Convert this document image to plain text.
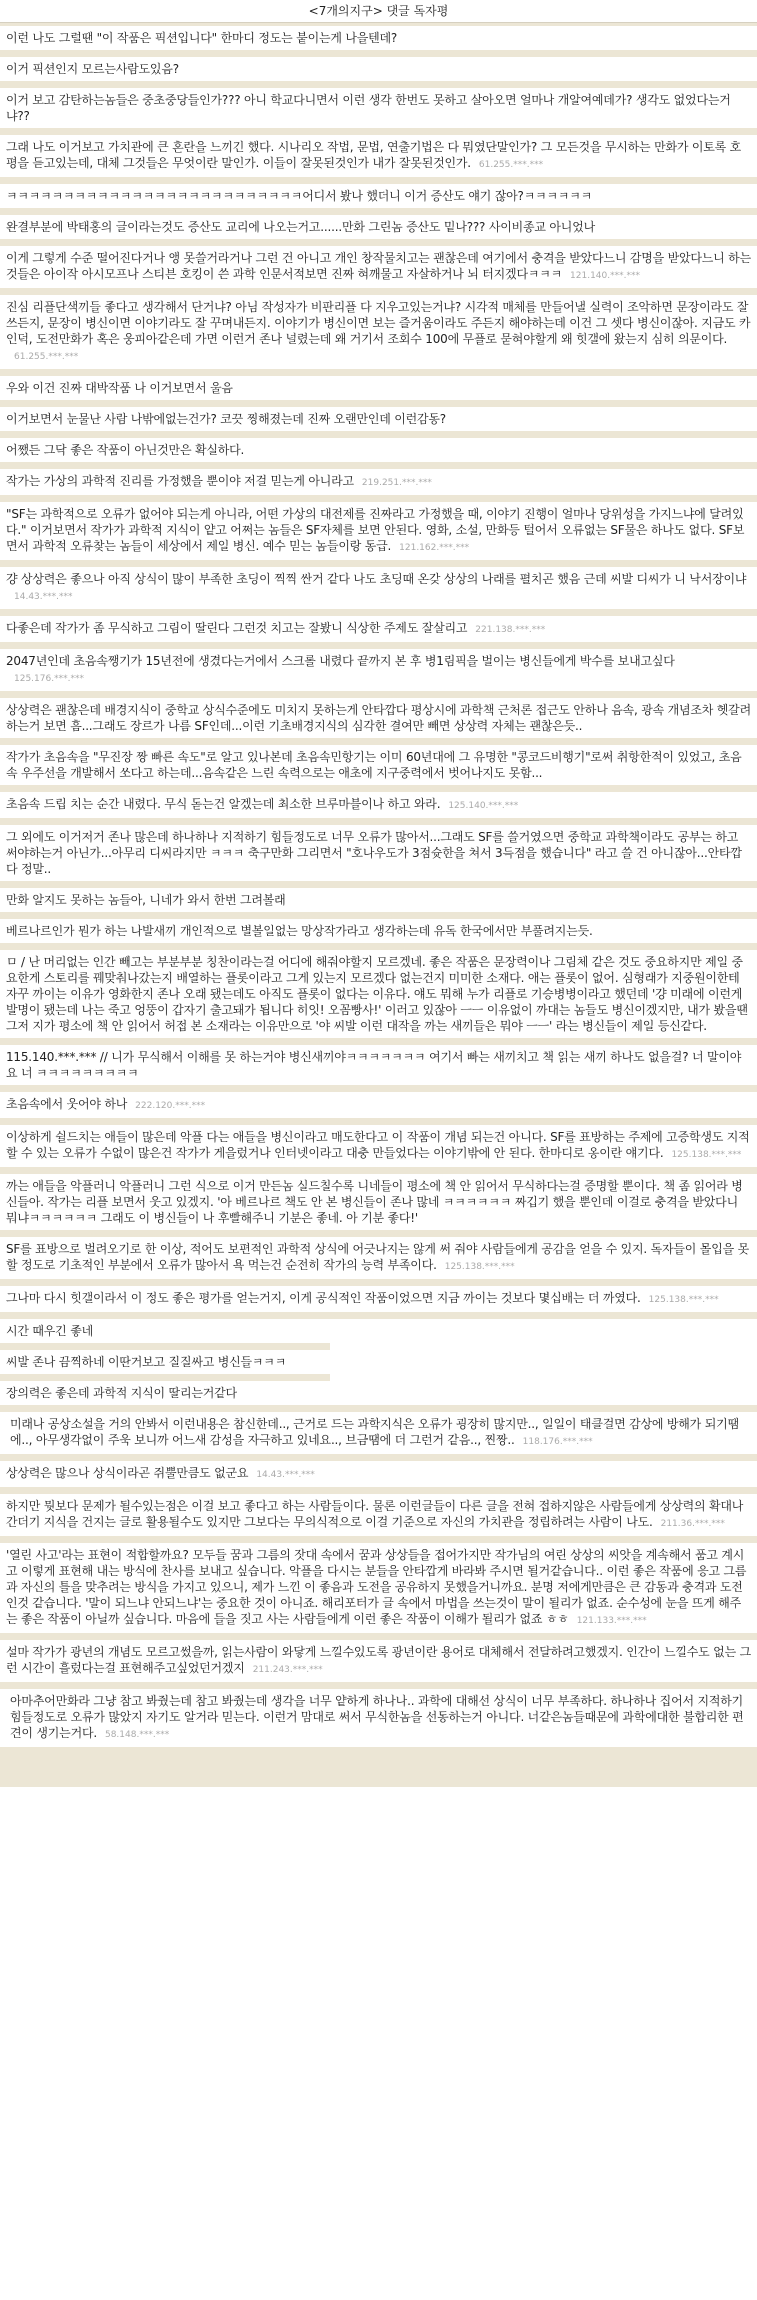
<7개의지구> 댓글 독자평
이런 나도 그럴땐 "이 작품은 픽션입니다" 한마디 정도는 붙이는게 나을텐데?
이거 픽션인지 모르는사람도있음?
이거 보고 감탄하는놈들은 중초중당들인가??? 아니 학교다니면서 이런 생각 한번도 못하고 살아오면 얼마나 개알여예데가? 생각도 없었다는거냐??
그래 나도 이거보고 가치관에 큰 혼란을 느끼긴 했다. 시나리오 작법, 문법, 연출기법은 다 뭐였단말인가? 그 모든것을 무시하는 만화가 이토록 호평을 듣고있는데, 대체 그것들은 무엇이란 말인가. 이들이 잘못된것인가 내가 잘못된것인가. 61.255.***.***
ㅋㅋㅋㅋㅋㅋㅋㅋㅋㅋㅋㅋㅋㅋㅋㅋㅋㅋㅋㅋㅋㅋㅋㅋㅋㅋ어디서 봤나 했더니 이거 증산도 얘기 잖아?ㅋㅋㅋㅋㅋㅋ
완결부분에 박태홍의 글이라는것도 증산도 교리에 나오는거고......만화 그린놈 증산도 밑나??? 사이비종교 아니었나
이게 그렇게 수준 떨어진다거나 앵 못쓸거라거나 그런 건 아니고 개인 창작물치고는 괜찮은데 여기에서 충격을 받았다느니 감명을 받았다느니 하는 것들은 아이작 아시모프나 스티븐 호킹이 쓴 과학 인문서적보면 진짜 혀깨물고 자살하거나 뇌 터지겠다ㅋㅋㅋ 121.140.***.***
진심 리플단색끼들 좋다고 생각해서 단거냐? 아님 작성자가 비판리플 다 지우고있는거냐? 시각적 매체를 만들어낼 실력이 조악하면 문장이라도 잘 쓰든지, 문장이 병신이면 이야기라도 잘 꾸며내든지. 이야기가 병신이면 보는 즐거움이라도 주든지 해야하는데 이건 그 셋다 병신이잖아. 지금도 카인덕, 도전만화가 혹은 웅피아같은데 가면 이런거 존나 널렸는데 왜 거기서 조회수 100에 무플로 묻혀야할게 왜 힛갤에 왔는지 심히 의문이다.61.255.***.***
우와 이건 진짜 대박작품 나 이거보면서 울음
이거보면서 눈물난 사람 나밖에없는건가? 코끗 찡해졌는데 진짜 오랜만인데 이런감동?
어쨌든 그닥 좋은 작품이 아닌것만은 확실하다.
작가는 가상의 과학적 진리를 가정했을 뿐이야 저걸 믿는게 아니라고 219.251.***.***
"SF는 과학적으로 오류가 없어야 되는게 아니라, 어떤 가상의 대전제를 진짜라고 가정했을 때, 이야기 진행이 얼마나 당위성을 가지느냐에 달려있다." 이거보면서 작가가 과학적 지식이 얕고 어쩌는 놈들은 SF자체를 보면 안된다. 영화, 소설, 만화등 털어서 오류없는 SF물은 하나도 없다. SF보면서 과학적 오류찾는 놈들이 세상에서 제일 병신. 예수 믿는 놈들이랑 동급. 121.162.***.***
걍 상상력은 좋으나 아직 상식이 많이 부족한 초딩이 찍찍 싼거 같다 나도 초딩때 온갖 상상의 나래를 펼치곤 했음 근데 씨발 디씨가 니 낙서장이냐14.43.***.***
다좋은데 작가가 좀 무식하고 그림이 딸린다 그런것 치고는 잘봤니 식상한 주제도 잘살리고 221.138.***.***
2047년인데 초음속쨍기가 15년전에 생겼다는거에서 스크롤 내렸다 끝까지 본 후 병1림픽을 벌이는 병신들에게 박수를 보내고싶다125.176.***.***
상상력은 괜찮은데 배경지식이 중학교 상식수준에도 미치지 못하는게 안타깝다 평상시에 과학책 근처론 접근도 안하나 음속, 광속 개념조차 헷갈려하는거 보면 흠...그래도 장르가 나름 SF인데...이런 기초배경지식의 심각한 결여만 빼면 상상력 자체는 괜찮은듯..
작가가 초음속을 "무진장 짱 빠른 속도"로 알고 있나본데 초음속민항기는 이미 60년대에 그 유명한 "콩코드비행기"로써 취항한적이 있었고, 초음속 우주선을 개발해서 쏘다고 하는데...음속같은 느린 속력으로는 애초에 지구중력에서 벗어나지도 못함...
초음속 드립 치는 순간 내렸다. 무식 돋는건 알겠는데 최소한 브루마블이나 하고 와라. 125.140.***.***
그 외에도 이거저거 존나 많은데 하나하나 지적하기 힘들정도로 너무 오류가 많아서...그래도 SF를 쓸거였으면 중학교 과학책이라도 공부는 하고 써야하는거 아닌가...아무리 디씨라지만 ㅋㅋㅋ 축구만화 그리면서 "호나우도가 3점슛한을 쳐서 3득점을 했습니다" 라고 쓸 건 아니잖아...안타깝다 정말..
만화 알지도 못하는 놈들아, 니네가 와서 한번 그려볼래
베르나르인가 뭔가 하는 나발새끼 개인적으로 별볼일없는 망상작가라고 생각하는데 유독 한국에서만 부풀려지는듯.
ㅁ / 난 머리없는 인간 빼고는 부분부분 칭찬이라는걸 어디에 해줘야할지 모르겠네. 좋은 작품은 문장력이나 그림체 같은 것도 중요하지만 제일 중요한게 스토리를 꿰맞춰나갔는지 배열하는 플롯이라고 그게 있는지 모르겠다 없는건지 미미한 소재다. 애는 플롯이 없어. 심형래가 지중원이한테 자꾸 까이는 이유가 영화한지 존나 오래 됐는데도 아직도 플롯이 없다는 이유다. 얘도 뭐해 누가 리플로 기승병병이라고 했던데 '걍 미래에 이런게 발명이 됐는데 나는 죽고 엉뚱이 갑자기 출고돼가 됩니다 히잇! 오꼼빵사!' 이러고 있잖아 ㅡㅡ 이유없이 까대는 놈들도 병신이겠지만, 내가 봤을땐 그저 지가 평소에 책 안 읽어서 허접 본 소재라는 이유만으로 '야 씨발 이런 대작을 까는 새끼들은 뭐야 ㅡㅡ' 라는 병신들이 제일 등신같다.
115.140.***.*** // 니가 무식해서 이해를 못 하는거야 병신새끼야ㅋㅋㅋㅋㅋㅋㅋ 여기서 빠는 새끼치고 책 읽는 새끼 하나도 없을걸? 너 말이야요 너 ㅋㅋㅋㅋㅋㅋㅋㅋㅋ
초음속에서 웃어야 하나 222.120.***.***
이상하게 쉴드치는 애들이 많은데 악플 다는 애들을 병신이라고 매도한다고 이 작품이 개념 되는건 아니다. SF를 표방하는 주제에 고증학생도 지적할 수 있는 오류가 수없이 많은건 작가가 게을렀거나 인터넷이라고 대충 만들었다는 이야기밖에 안 된다. 한마디로 옹이란 얘기다. 125.138.***.***
까는 애들을 악플러니 악플러니 그런 식으로 이거 만든놈 실드칠수록 니네들이 평소에 책 안 읽어서 무식하다는걸 증명할 뿐이다. 책 좀 읽어라 병신들아. 작가는 리플 보면서 웃고 있겠지. '아 베르나르 책도 안 본 병신들이 존나 많네 ㅋㅋㅋㅋㅋㅋ 짜깁기 했을 뿐인데 이걸로 충격을 받았다니 뭐냐ㅋㅋㅋㅋㅋㅋ 그래도 이 병신들이 나 후빨해주니 기분은 좋네. 아 기분 좋다!'
SF를 표방으로 벌려오기로 한 이상, 적어도 보편적인 과학적 상식에 어긋나지는 않게 써 줘야 사람들에게 공감을 얻을 수 있지. 독자들이 몰입을 못할 정도로 기초적인 부분에서 오류가 많아서 욕 먹는건 순전히 작가의 능력 부족이다. 125.138.***.***
그나마 다시 힛갤이라서 이 정도 좋은 평가를 얻는거지, 이게 공식적인 작품이었으면 지금 까이는 것보다 몇십배는 더 까였다. 125.138.***.***
시간 때우긴 좋네
씨발 존나 끔찍하네 이딴거보고 질질싸고 병신들ㅋㅋㅋ
장의력은 좋은데 과학적 지식이 딸리는거같다
미래나 공상소설을 거의 안봐서 이런내용은 참신한데.., 근거로 드는 과학지식은 오류가 굉장히 많지만.., 일일이 태클걸면 감상에 방해가 되기땜에.., 아무생각없이 주욱 보니까 어느새 감성을 자극하고 있네요.., 브금땜에 더 그런거 같음.., 찐짱.. 118.176.***.***
상상력은 많으나 상식이라곤 쥐뿔만큼도 없군요 14.43.***.***
하지만 뭣보다 문제가 될수있는점은 이걸 보고 좋다고 하는 사람들이다. 물론 이런글들이 다른 글을 전혀 접하지않은 사람들에게 상상력의 확대나 간더기 지식을 건지는 글로 활용될수도 있지만 그보다는 무의식적으로 이걸 기준으로 자신의 가치관을 정립하려는 사람이 나도. 211.36.***.***
'열린 사고'라는 표현이 적합할까요? 모두들 꿈과 그름의 잣대 속에서 꿈과 상상들을 접어가지만 작가님의 여린 상상의 씨앗을 계속해서 품고 계시고 이렇게 표현해 내는 방식에 찬사를 보내고 싶습니다. 악플을 다시는 분들을 안타깝게 바라봐 주시면 될거같습니다.. 이런 좋은 작품에 응고 그름과 자신의 틀을 맞추려는 방식을 가지고 있으니, 제가 느낀 이 좋음과 도전을 공유하지 못했을거니까요. 분명 저에게만큼은 큰 감동과 충격과 도전인것 같습니다. '말이 되느냐 안되느냐'는 중요한 것이 아니죠. 해리포터가 글 속에서 마법을 쓰는것이 말이 될리가 없죠. 순수성에 눈을 뜨게 해주는 좋은 작품이 아닐까 싶습니다. 마음에 들을 짓고 사는 사람들에게 이런 좋은 작품이 이해가 될리가 없죠 ㅎㅎ 121.133.***.***
설마 작가가 광년의 개념도 모르고썼을까, 읽는사람이 와닿게 느낄수있도록 광년이란 용어로 대체해서 전달하려고했겠지. 인간이 느낄수도 없는 그런 시간이 흘렀다는걸 표현해주고싶었던거겠지 211.243.***.***
아마추어만화라 그냥 참고 봐줬는데 참고 봐줬는데 생각을 너무 얕하게 하나나.. 과학에 대해선 상식이 너무 부족하다. 하나하나 집어서 지적하기 힘들정도로 오류가 많았지 자기도 알거라 믿는다. 이런거 맘대로 써서 무식한놈을 선동하는거 아니다. 너같은놈들때문에 과학에대한 불합리한 편견이 생기는거다. 58.148.***.***
